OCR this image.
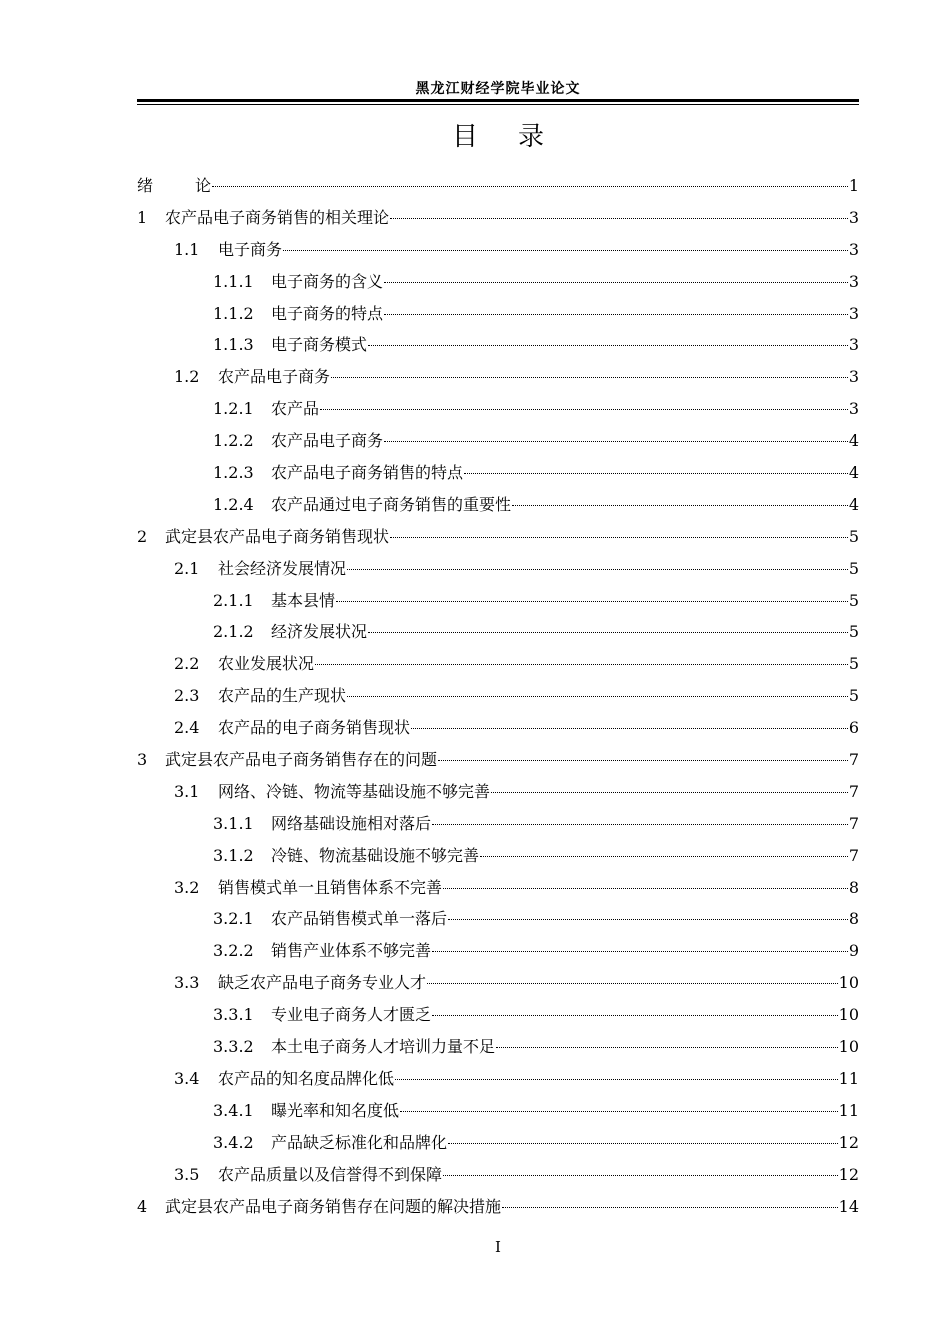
黑龙江财经学院毕业论文
目录
绪	论	1
1	农产品电子商务销售的相关理论	3
1.1	电子商务	3
1.1.1	电子商务的含义	3
1.1.2	电子商务的特点	3
1.1.3	电子商务模式	3
1.2	农产品电子商务	3
1.2.1	农产品	3
1.2.2	农产品电子商务	4
1.2.3	农产品电子商务销售的特点	4
1.2.4	农产品通过电子商务销售的重要性	4
2	武定县农产品电子商务销售现状	5
2.1	社会经济发展情况	5
2.1.1	基本县情	5
2.1.2	经济发展状况	5
2.2	农业发展状况	5
2.3	农产品的生产现状	5
2.4	农产品的电子商务销售现状	6
3	武定县农产品电子商务销售存在的问题	7
3.1	网络、冷链、物流等基础设施不够完善	7
3.1.1	网络基础设施相对落后	7
3.1.2	冷链、物流基础设施不够完善	7
3.2	销售模式单一且销售体系不完善	8
3.2.1	农产品销售模式单一落后	8
3.2.2	销售产业体系不够完善	9
3.3	缺乏农产品电子商务专业人才	10
3.3.1	专业电子商务人才匮乏	10
3.3.2	本土电子商务人才培训力量不足	10
3.4	农产品的知名度品牌化低	11
3.4.1	曝光率和知名度低	11
3.4.2	产品缺乏标准化和品牌化	12
3.5	农产品质量以及信誉得不到保障	12
4	武定县农产品电子商务销售存在问题的解决措施	14
I
